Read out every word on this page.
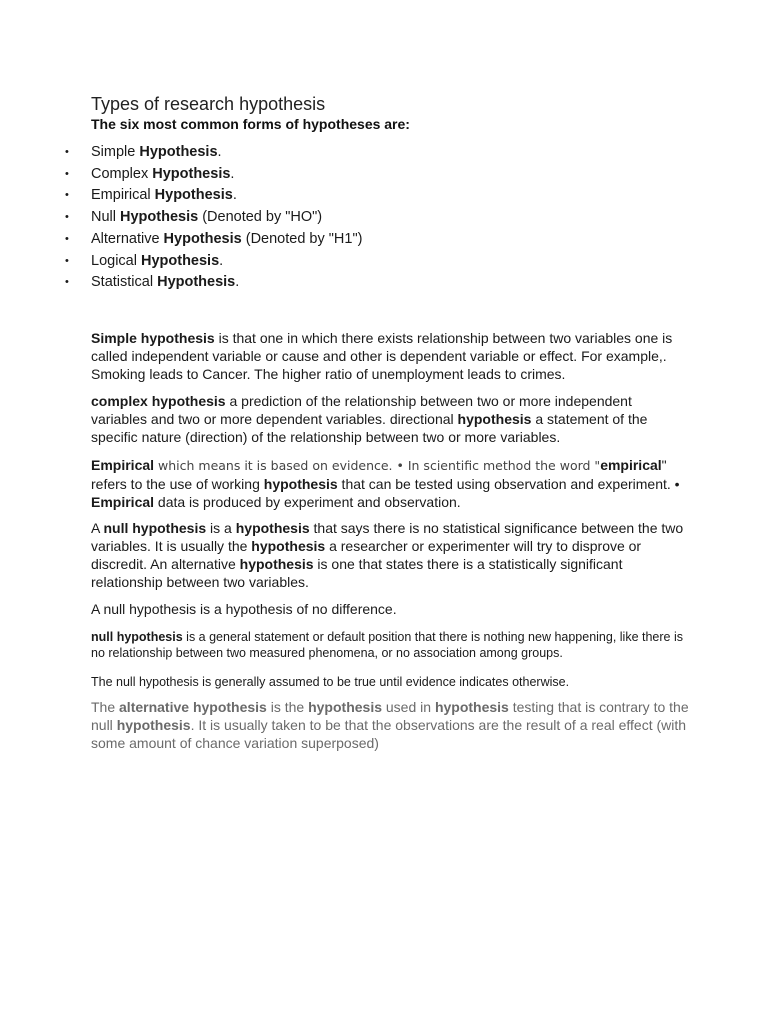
Types of research hypothesis

The six most common forms of hypotheses are:

• Simple Hypothesis.
• Complex Hypothesis.
• Empirical Hypothesis.
• Null Hypothesis (Denoted by "HO")
• Alternative Hypothesis (Denoted by "H1")
• Logical Hypothesis.
• Statistical Hypothesis.

Simple hypothesis is that one in which there exists relationship between two variables one is called independent variable or cause and other is dependent variable or effect. For example,. Smoking leads to Cancer. The higher ratio of unemployment leads to crimes.

complex hypothesis a prediction of the relationship between two or more independent variables and two or more dependent variables. directional hypothesis a statement of the specific nature (direction) of the relationship between two or more variables.

Empirical which means it is based on evidence. • In scientific method the word "empirical" refers to the use of working hypothesis that can be tested using observation and experiment. • Empirical data is produced by experiment and observation.

A null hypothesis is a hypothesis that says there is no statistical significance between the two variables. It is usually the hypothesis a researcher or experimenter will try to disprove or discredit. An alternative hypothesis is one that states there is a statistically significant relationship between two variables.

A null hypothesis is a hypothesis of no difference.

null hypothesis is a general statement or default position that there is nothing new happening, like there is no relationship between two measured phenomena, or no association among groups.

The null hypothesis is generally assumed to be true until evidence indicates otherwise.

The alternative hypothesis is the hypothesis used in hypothesis testing that is contrary to the null hypothesis. It is usually taken to be that the observations are the result of a real effect (with some amount of chance variation superposed)
